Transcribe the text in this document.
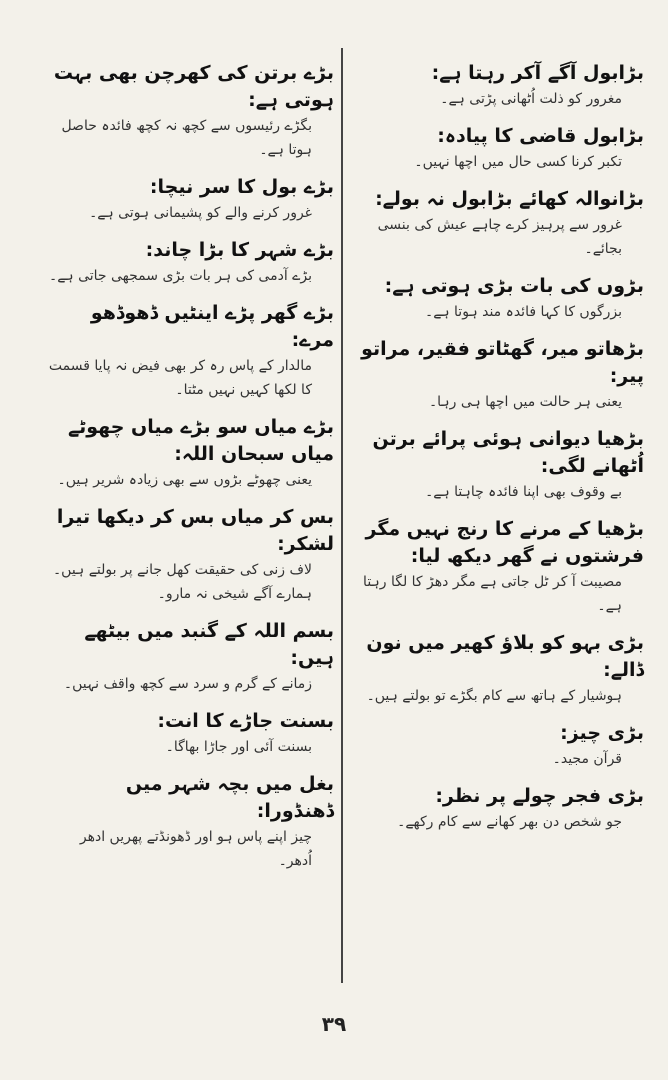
بڑابول آگے آکر رہتا ہے:
مغرور کو ذلت اُٹھانی پڑتی ہے۔
بڑابول قاضی کا پیادہ:
تکبر کرنا کسی حال میں اچھا نہیں۔
بڑانوالہ کھائے بڑابول نہ بولے:
غرور سے پرہیز کرے چاہے عیش کی بنسی بجائے۔
بڑوں کی بات بڑی ہوتی ہے:
بزرگوں کا کہا فائدہ مند ہوتا ہے۔
بڑھاتو میر، گھٹاتو فقیر، مراتو پیر:
یعنی ہر حالت میں اچھا ہی رہا۔
بڑھیا دیوانی ہوئی پرائے برتن اُٹھانے لگی:
بے وقوف بھی اپنا فائدہ چاہتا ہے۔
بڑھیا کے مرنے کا رنج نہیں مگر فرشتوں نے گھر دیکھ لیا:
مصیبت آ کر ٹل جاتی ہے مگر دھڑ کا لگا رہتا ہے۔
بڑی بہو کو بلاؤ کھیر میں نون ڈالے:
ہوشیار کے ہاتھ سے کام بگڑے تو بولتے ہیں۔
بڑی چیز:
قرآن مجید۔
بڑی فجر چولے پر نظر:
جو شخص دن بھر کھانے سے کام رکھے۔
بڑے برتن کی کھرچن بھی بہت ہوتی ہے:
بگڑے رئیسوں سے کچھ نہ کچھ فائدہ حاصل ہوتا ہے۔
بڑے بول کا سر نیچا:
غرور کرنے والے کو پشیمانی ہوتی ہے۔
بڑے شہر کا بڑا چاند:
بڑے آدمی کی ہر بات بڑی سمجھی جاتی ہے۔
بڑے گھر پڑے اینٹیں ڈھوڈھو مرے:
مالدار کے پاس رہ کر بھی فیض نہ پایا قسمت کا لکھا کہیں نہیں مٹتا۔
بڑے میاں سو بڑے میاں چھوٹے میاں سبحان اللہ:
یعنی چھوٹے بڑوں سے بھی زیادہ شریر ہیں۔
بس کر میاں بس کر دیکھا تیرا لشکر:
لاف زنی کی حقیقت کھل جانے پر بولتے ہیں۔ ہمارے آگے شیخی نہ مارو۔
بسم اللہ کے گنبد میں بیٹھے ہیں:
زمانے کے گرم و سرد سے کچھ واقف نہیں۔
بسنت جاڑے کا انت:
بسنت آئی اور جاڑا بھاگا۔
بغل میں بچہ شہر میں ڈھنڈورا:
چیز اپنے پاس ہو اور ڈھونڈتے پھریں ادھر اُدھر۔
۳۹
